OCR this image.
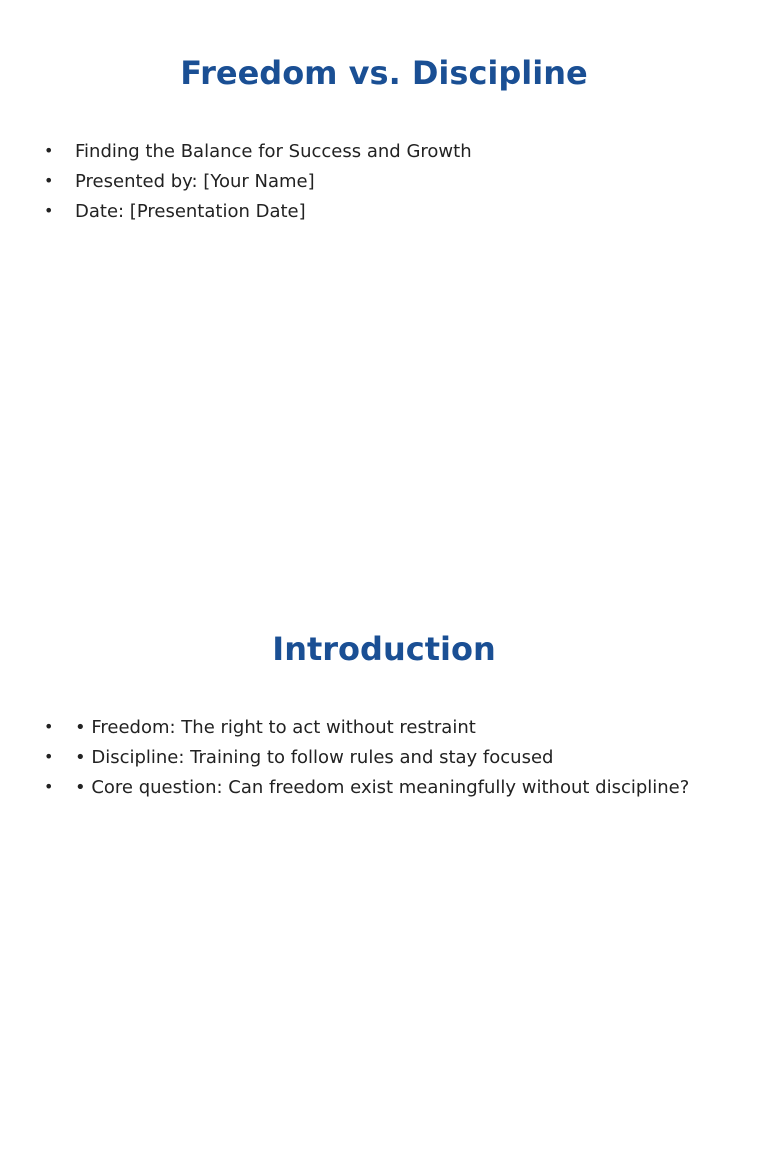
Freedom vs. Discipline
• Finding the Balance for Success and Growth
• Presented by: [Your Name]
• Date: [Presentation Date]
Introduction
• • Freedom: The right to act without restraint
• • Discipline: Training to follow rules and stay focused
• • Core question: Can freedom exist meaningfully without discipline?
